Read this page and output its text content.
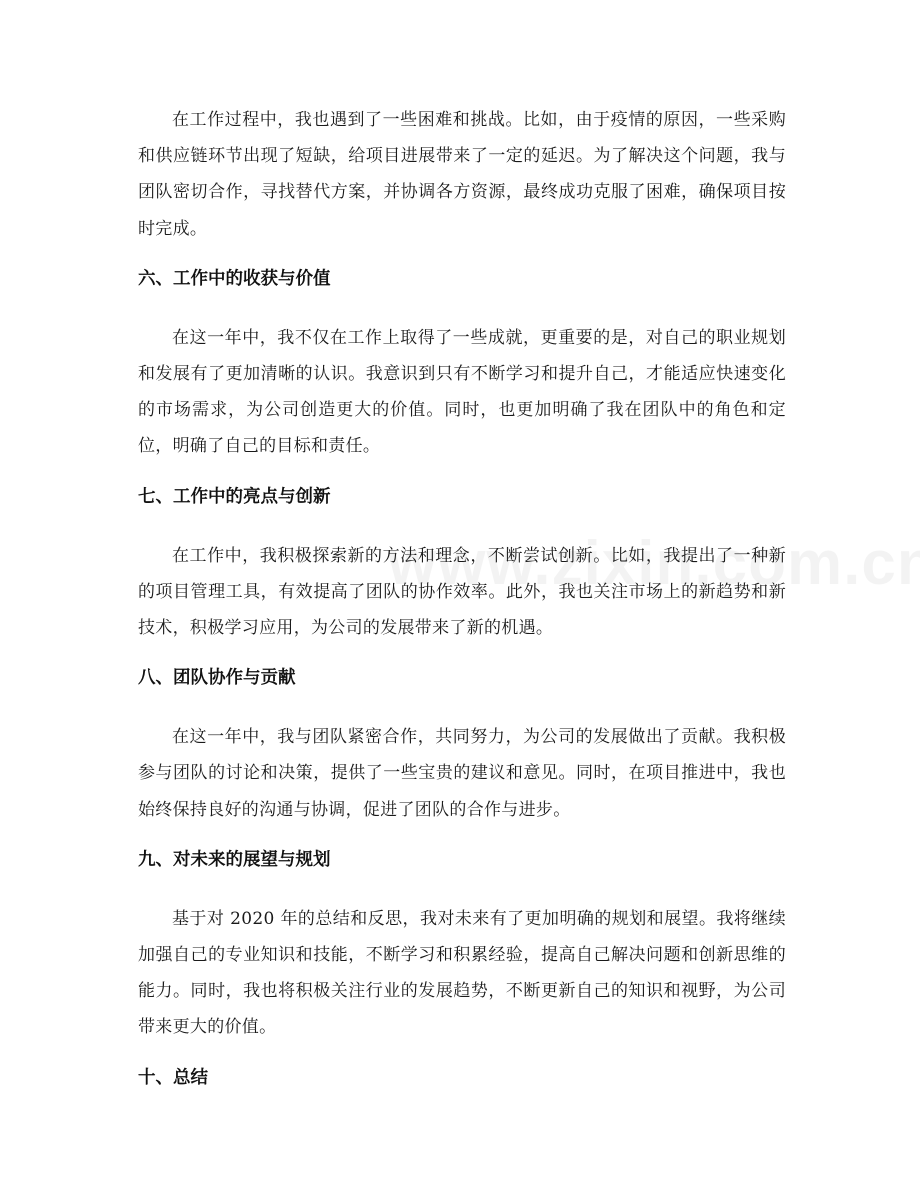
在工作过程中，我也遇到了一些困难和挑战。比如，由于疫情的原因，一些采购和供应链环节出现了短缺，给项目进展带来了一定的延迟。为了解决这个问题，我与团队密切合作，寻找替代方案，并协调各方资源，最终成功克服了困难，确保项目按时完成。

六、工作中的收获与价值

在这一年中，我不仅在工作上取得了一些成就，更重要的是，对自己的职业规划和发展有了更加清晰的认识。我意识到只有不断学习和提升自己，才能适应快速变化的市场需求，为公司创造更大的价值。同时，也更加明确了我在团队中的角色和定位，明确了自己的目标和责任。

七、工作中的亮点与创新

在工作中，我积极探索新的方法和理念，不断尝试创新。比如，我提出了一种新的项目管理工具，有效提高了团队的协作效率。此外，我也关注市场上的新趋势和新技术，积极学习应用，为公司的发展带来了新的机遇。

八、团队协作与贡献

在这一年中，我与团队紧密合作，共同努力，为公司的发展做出了贡献。我积极参与团队的讨论和决策，提供了一些宝贵的建议和意见。同时，在项目推进中，我也始终保持良好的沟通与协调，促进了团队的合作与进步。

九、对未来的展望与规划

基于对 2020 年的总结和反思，我对未来有了更加明确的规划和展望。我将继续加强自己的专业知识和技能，不断学习和积累经验，提高自己解决问题和创新思维的能力。同时，我也将积极关注行业的发展趋势，不断更新自己的知识和视野，为公司带来更大的价值。

十、总结
